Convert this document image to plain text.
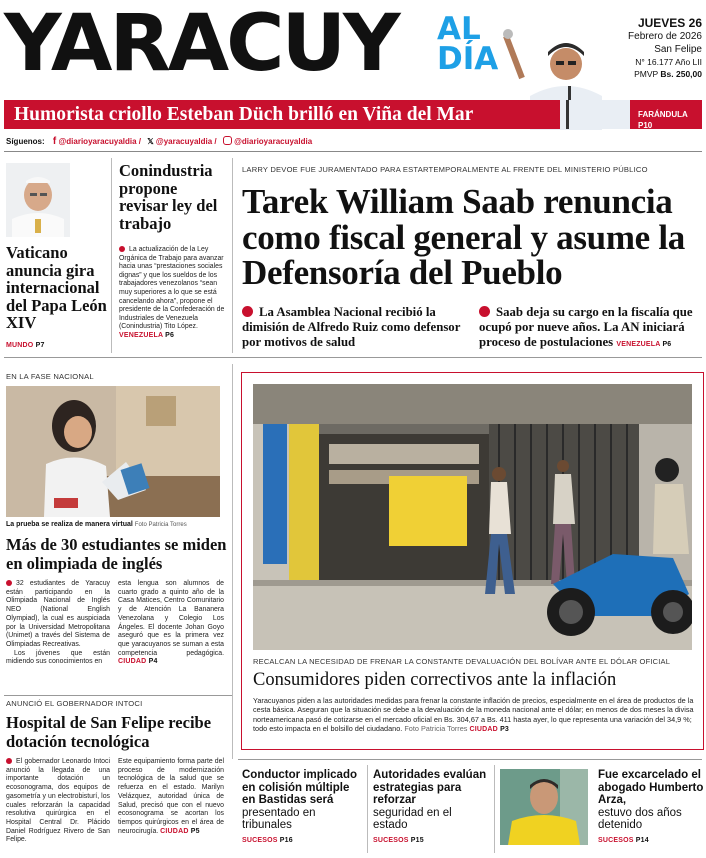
YARACUY AL
DÍA
JUEVES 26
Febrero de 2026
San Felipe
N° 16.177 Año LII
PMVP Bs. 250,00
Humorista criollo Esteban Düch brilló en Viña del Mar	FARÁNDULA P10
Síguenos: f @diarioyaracuyaldia / 𝕏 @yaracuyaldia /  @diarioyaracuyaldia
Vaticano anuncia gira internacional del Papa León XIV
MUNDO P7
Conindustria propone revisar ley del trabajo
La actualización de la Ley Orgánica de Trabajo para avanzar hacia unas “prestaciones sociales dignas” y que los sueldos de los trabajadores venezolanos “sean muy superiores a lo que se está cancelando ahora”, propone el presidente de la Confederación de Industriales de Venezuela (Conindustria) Tito López. VENEZUELA P6
LARRY DEVOE FUE JURAMENTADO PARA ESTARTEMPORALMENTE AL FRENTE DEL MINISTERIO PÚBLICO
Tarek William Saab renuncia como fiscal general y asume la Defensoría del Pueblo
La Asamblea Nacional recibió la dimisión de Alfredo Ruiz como defensor por motivos de salud
Saab deja su cargo en la fiscalía que ocupó por nueve años. La AN iniciará proceso de postulaciones VENEZUELA P6
EN LA FASE NACIONAL
La prueba se realiza de manera virtual Foto Patricia Torres
Más de 30 estudiantes se miden en olimpiada de inglés
32 estudiantes de Yaracuy están participando en la Olimpiada Nacional de Inglés NEO (National English Olympiad), la cual es auspiciada por la Universidad Metropolitana (Unimet) a través del Sistema de Olimpiadas Recreativas.
Los jóvenes que están midiendo sus conocimientos en
esta lengua son alumnos de cuarto grado a quinto año de la Casa Matices, Centro Comunitario y de Atención La Bananera Venezolana y Colegio Los Ángeles. El docente Johan Goyo aseguró que es la primera vez que yaracuyanos se suman a esta competencia pedagógica. CIUDAD P4	RECALCAN LA NECESIDAD DE FRENAR LA CONSTANTE DEVALUACIÓN DEL BOLÍVAR ANTE EL DÓLAR OFICIAL
Consumidores piden correctivos ante la inflación
Yaracuyanos piden a las autoridades medidas para frenar la constante inflación de precios, especialmente en el área de productos de la cesta básica. Aseguran que la situación se debe a la devaluación de la moneda nacional ante el dólar; en menos de dos meses la divisa norteamericana pasó de cotizarse en el mercado oficial en Bs. 304,67 a Bs. 411 hasta ayer, lo que representa una variación del 34,9 %; todo esto impacta en el bolsillo del ciudadano. Foto Patricia Torres CIUDAD P3
ANUNCIÓ EL GOBERNADOR INTOCI
Hospital de San Felipe recibe dotación tecnológica
El gobernador Leonardo Intoci anunció la llegada de una importante dotación un ecosonograma, dos equipos de gasometría y un electrobisturí, los cuales reforzarán la capacidad resolutiva quirúrgica en el Hospital Central Dr. Plácido Daniel Rodríguez Rivero de San Felipe.
Este equipamiento forma parte del proceso de modernización tecnológica de la salud que se refuerza en el estado. Marilyn Velázquez, autoridad única de Salud, precisó que con el nuevo ecosonograma se acortan los tiempos quirúrgicos en el área de neurocirugía. CIUDAD P5
Conductor implicado en colisión múltiple en Bastidas será
presentado en tribunales
SUCESOS P16
Autoridades evalúan estrategias para reforzar
seguridad en el estado
SUCESOS P15
Fue excarcelado el abogado Humberto Arza,
estuvo dos años detenido
SUCESOS P14
